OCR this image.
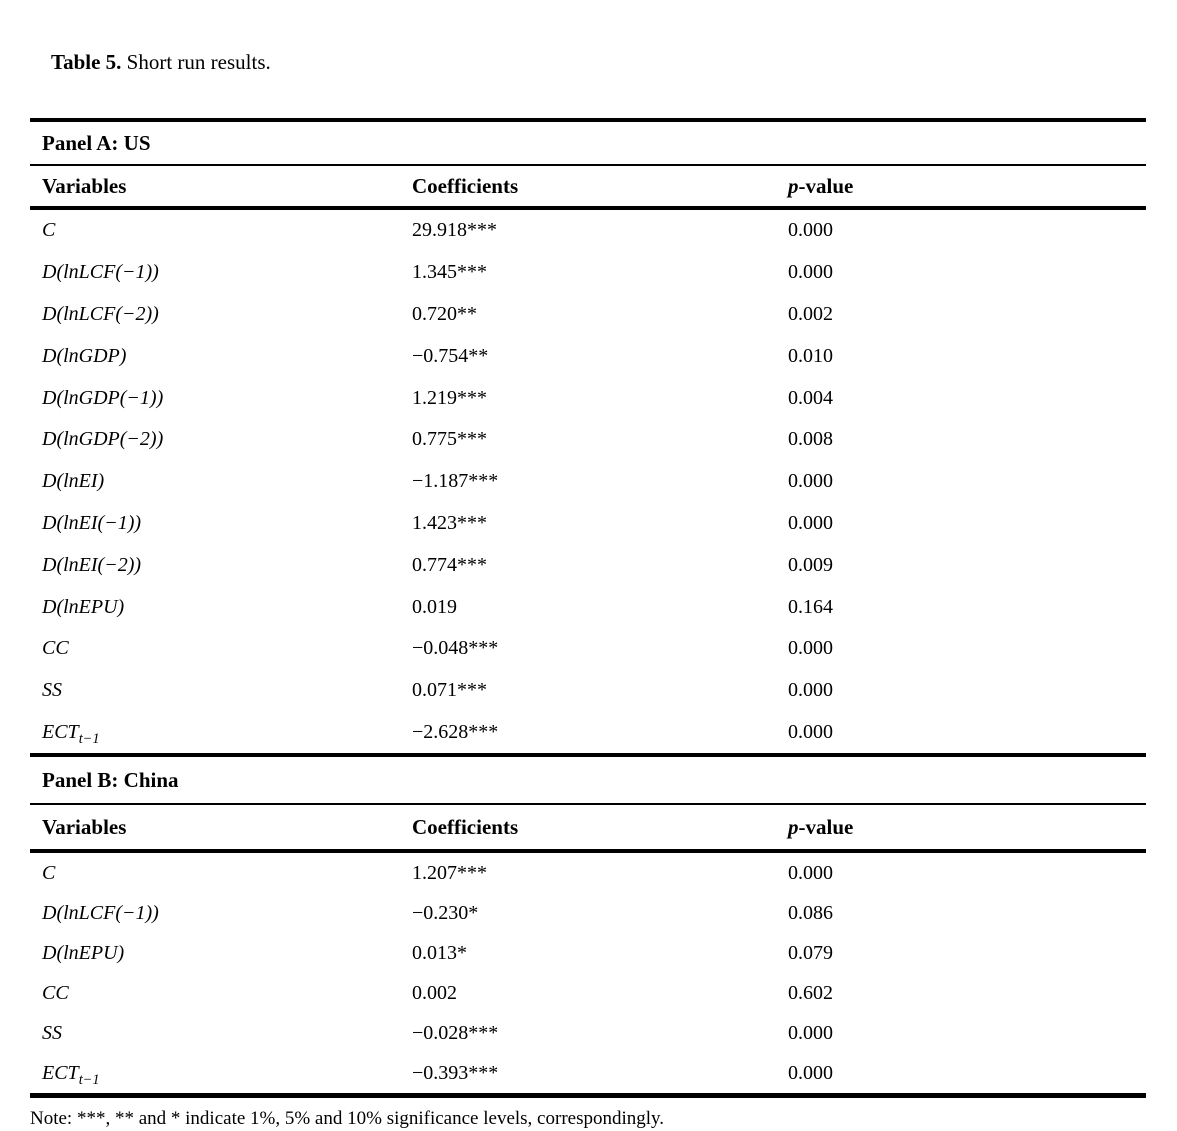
Table 5. Short run results.

Panel A: US
Variables	Coefficients	p-value
C	29.918***	0.000
D(lnLCF(−1))	1.345***	0.000
D(lnLCF(−2))	0.720**	0.002
D(lnGDP)	−0.754**	0.010
D(lnGDP(−1))	1.219***	0.004
D(lnGDP(−2))	0.775***	0.008
D(lnEI)	−1.187***	0.000
D(lnEI(−1))	1.423***	0.000
D(lnEI(−2))	0.774***	0.009
D(lnEPU)	0.019	0.164
CC	−0.048***	0.000
SS	0.071***	0.000
$ECT_{t-1}$	−2.628***	0.000
Panel B: China
Variables	Coefficients	p-value
C	1.207***	0.000
D(lnLCF(−1))	−0.230*	0.086
D(lnEPU)	0.013*	0.079
CC	0.002	0.602
SS	−0.028***	0.000
$ECT_{t-1}$	−0.393***	0.000
Note: ***, ** and * indicate 1%, 5% and 10% significance levels, correspondingly.
